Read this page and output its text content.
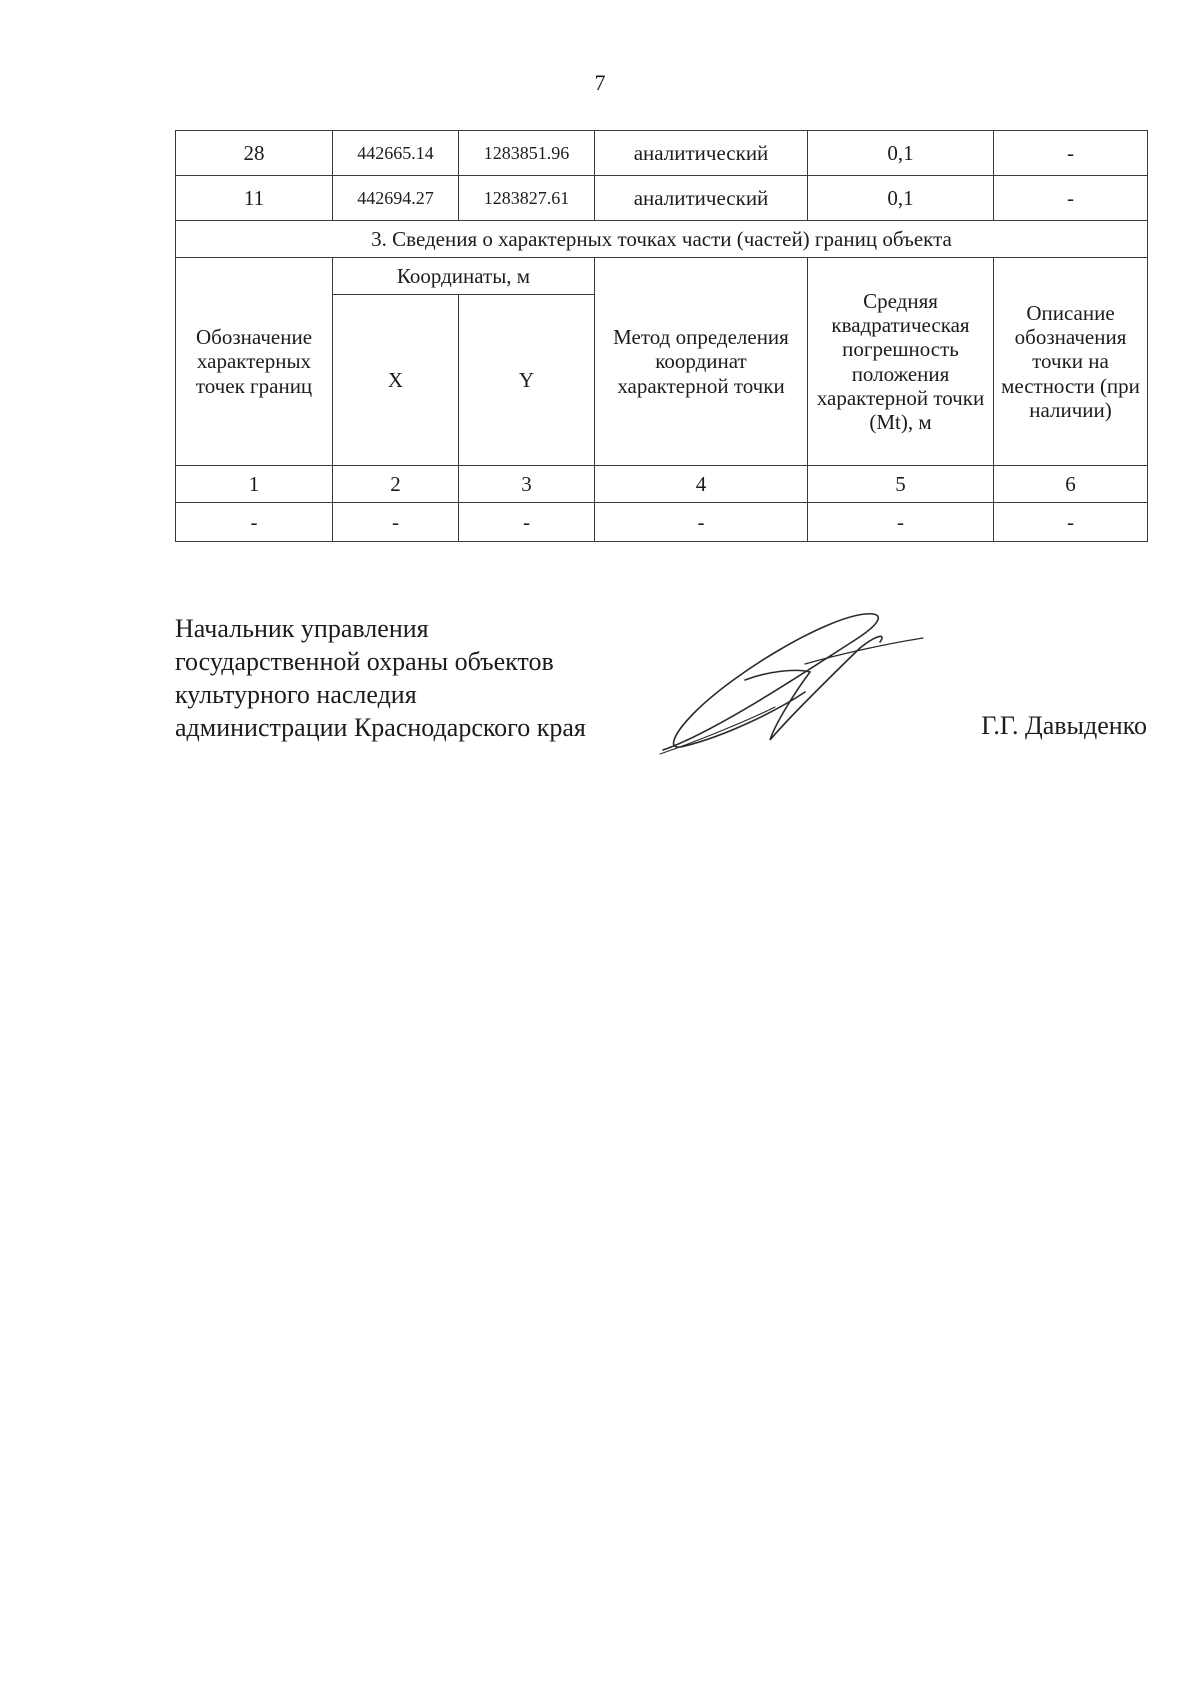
7
28	442665.14	1283851.96	аналитический	0,1	-
11	442694.27	1283827.61	аналитический	0,1	-
3. Сведения о характерных точках части (частей) границ объекта					
Обозначение характерных точек границ	Координаты, м		Метод определения координат характерной точки	Средняя квадратическая погрешность положения характерной точки (Mt), м	Описание обозначения точки на местности (при наличии)
	X	Y			
1	2	3	4	5	6
-	-	-	-	-	-
Начальник управления
государственной охраны объектов
культурного наследия
администрации Краснодарского края	Г.Г. Давыденко
